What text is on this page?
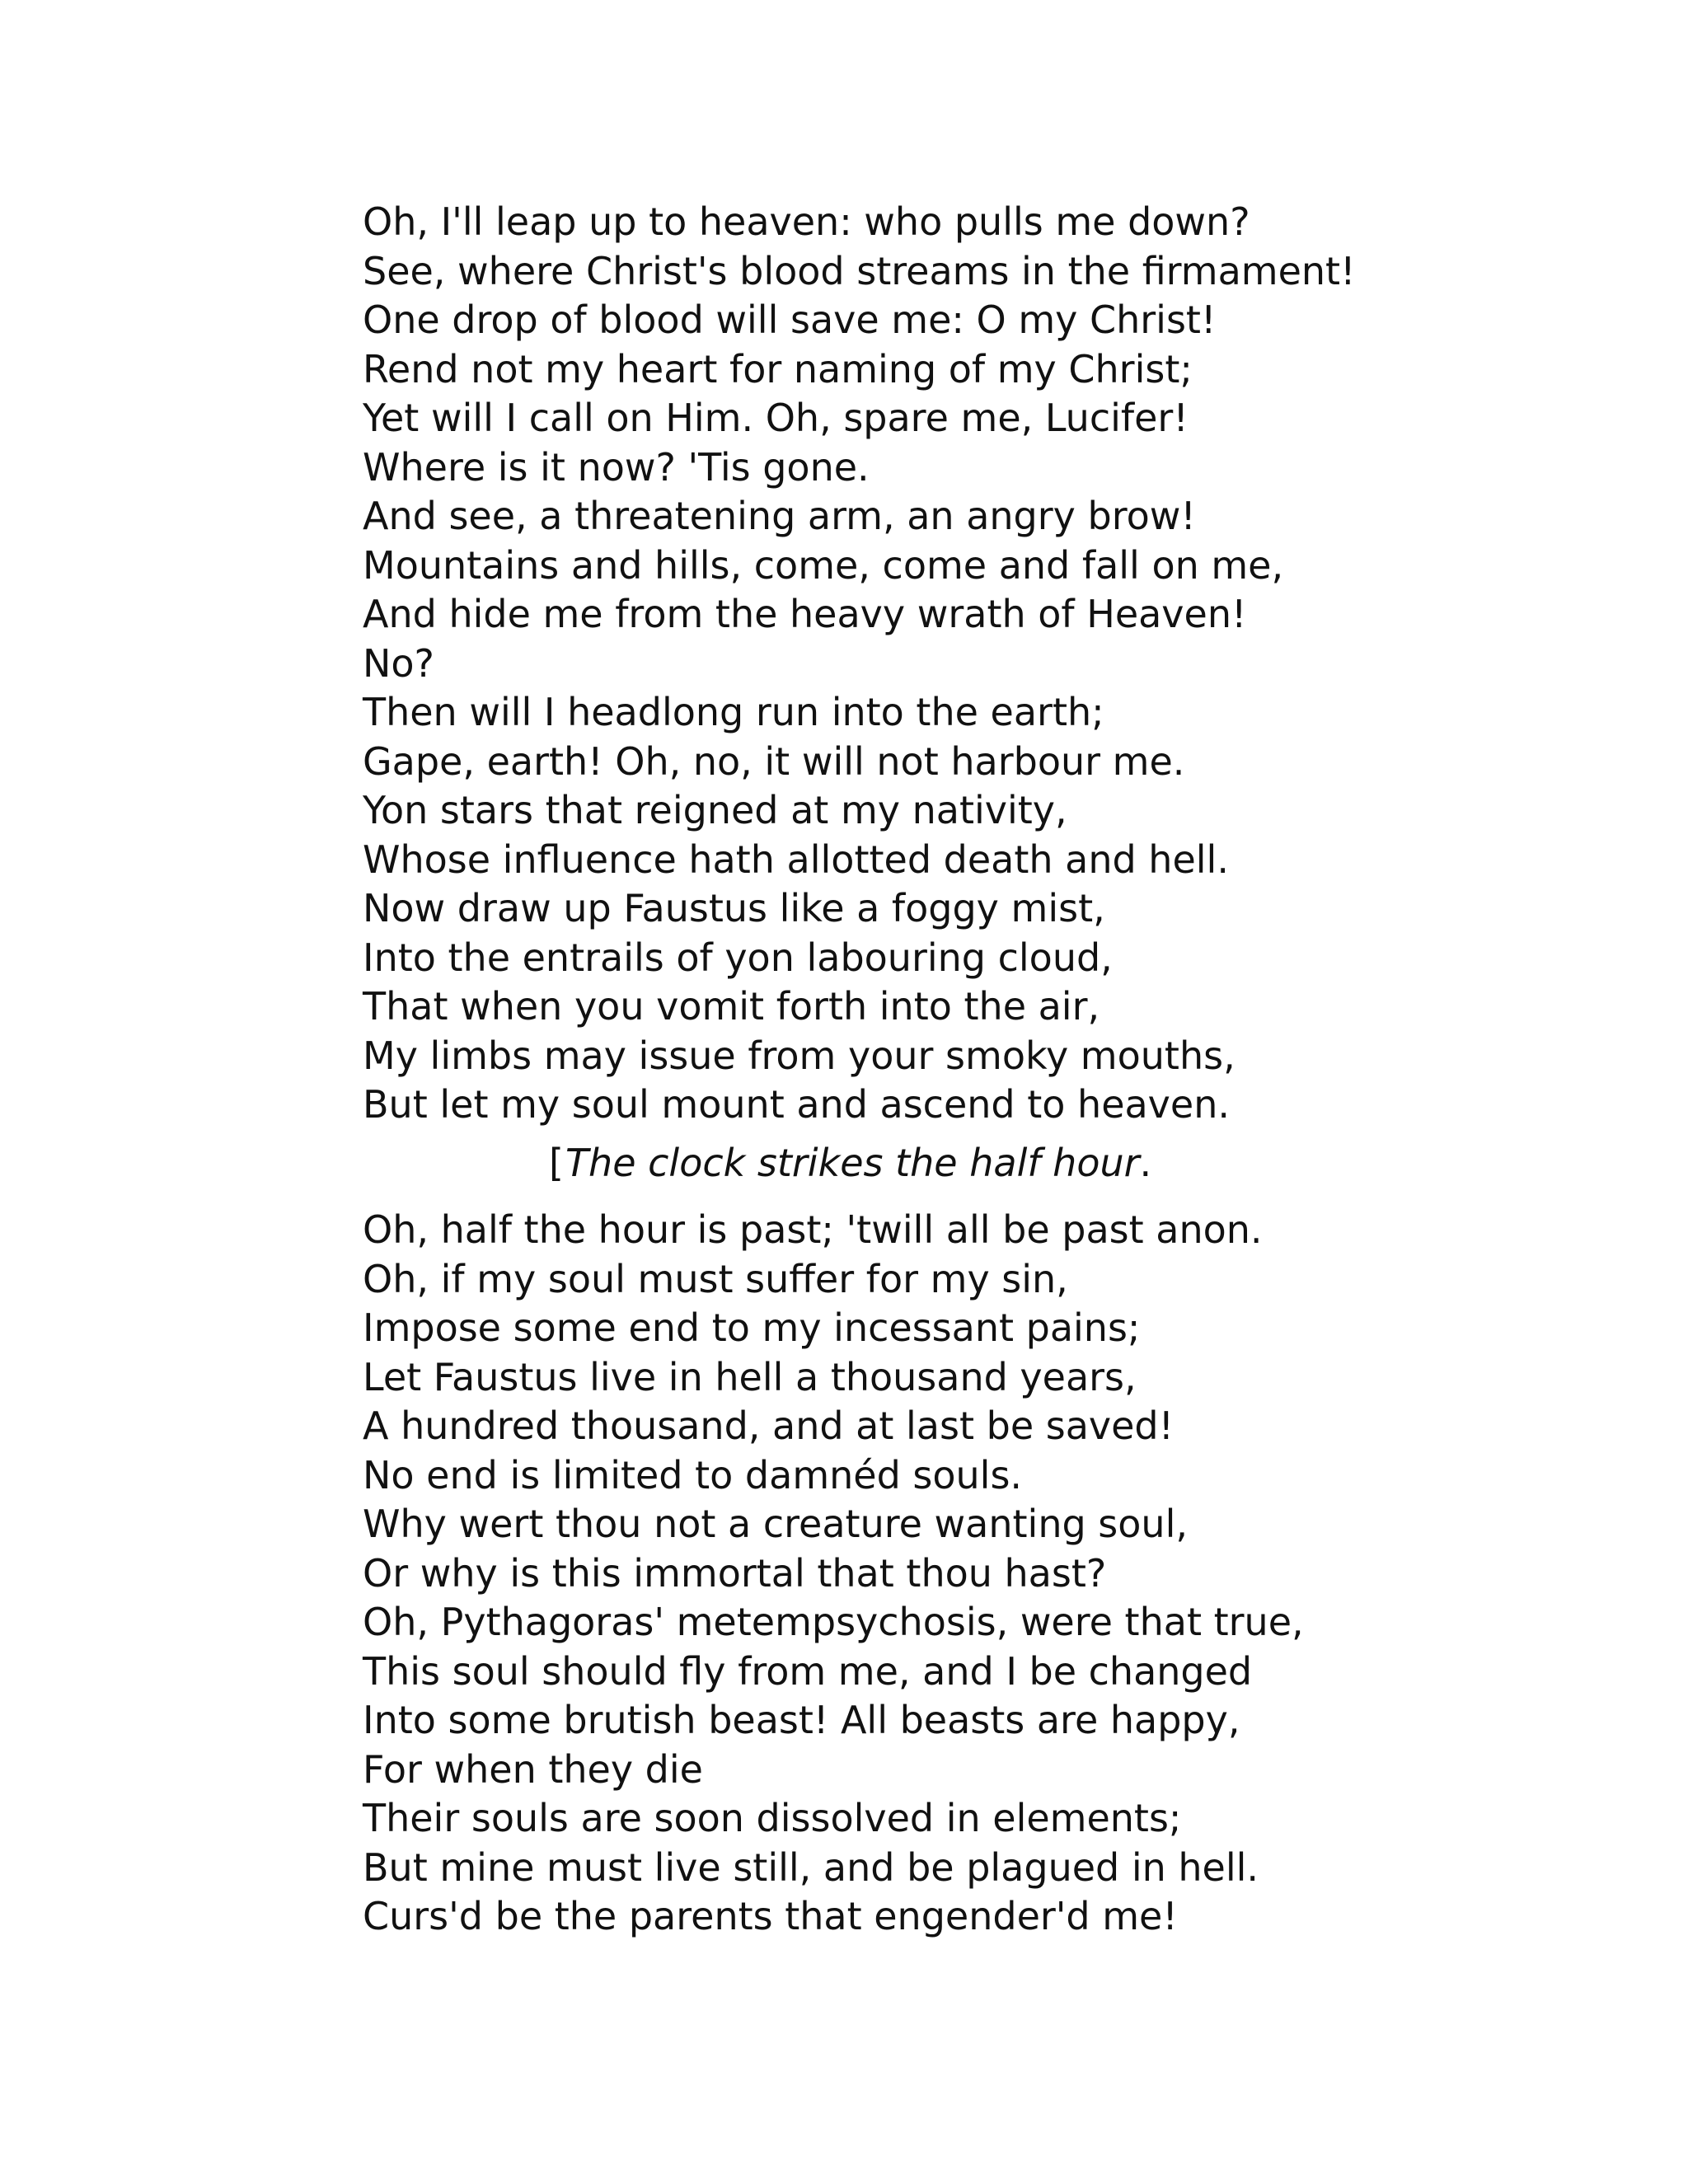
Oh, I'll leap up to heaven: who pulls me down?
See, where Christ's blood streams in the firmament!
One drop of blood will save me: O my Christ!
Rend not my heart for naming of my Christ;
Yet will I call on Him. Oh, spare me, Lucifer!
Where is it now? 'Tis gone.
And see, a threatening arm, an angry brow!
Mountains and hills, come, come and fall on me,
And hide me from the heavy wrath of Heaven!
No?
Then will I headlong run into the earth;
Gape, earth! Oh, no, it will not harbour me.
Yon stars that reigned at my nativity,
Whose influence hath allotted death and hell.
Now draw up Faustus like a foggy mist,
Into the entrails of yon labouring cloud,
That when you vomit forth into the air,
My limbs may issue from your smoky mouths,
But let my soul mount and ascend to heaven.
[The clock strikes the half hour.
Oh, half the hour is past; 'twill all be past anon.
Oh, if my soul must suffer for my sin,
Impose some end to my incessant pains;
Let Faustus live in hell a thousand years,
A hundred thousand, and at last be saved!
No end is limited to damnéd souls.
Why wert thou not a creature wanting soul,
Or why is this immortal that thou hast?
Oh, Pythagoras' metempsychosis, were that true,
This soul should fly from me, and I be changed
Into some brutish beast! All beasts are happy,
For when they die
Their souls are soon dissolved in elements;
But mine must live still, and be plagued in hell.
Curs'd be the parents that engender'd me!
